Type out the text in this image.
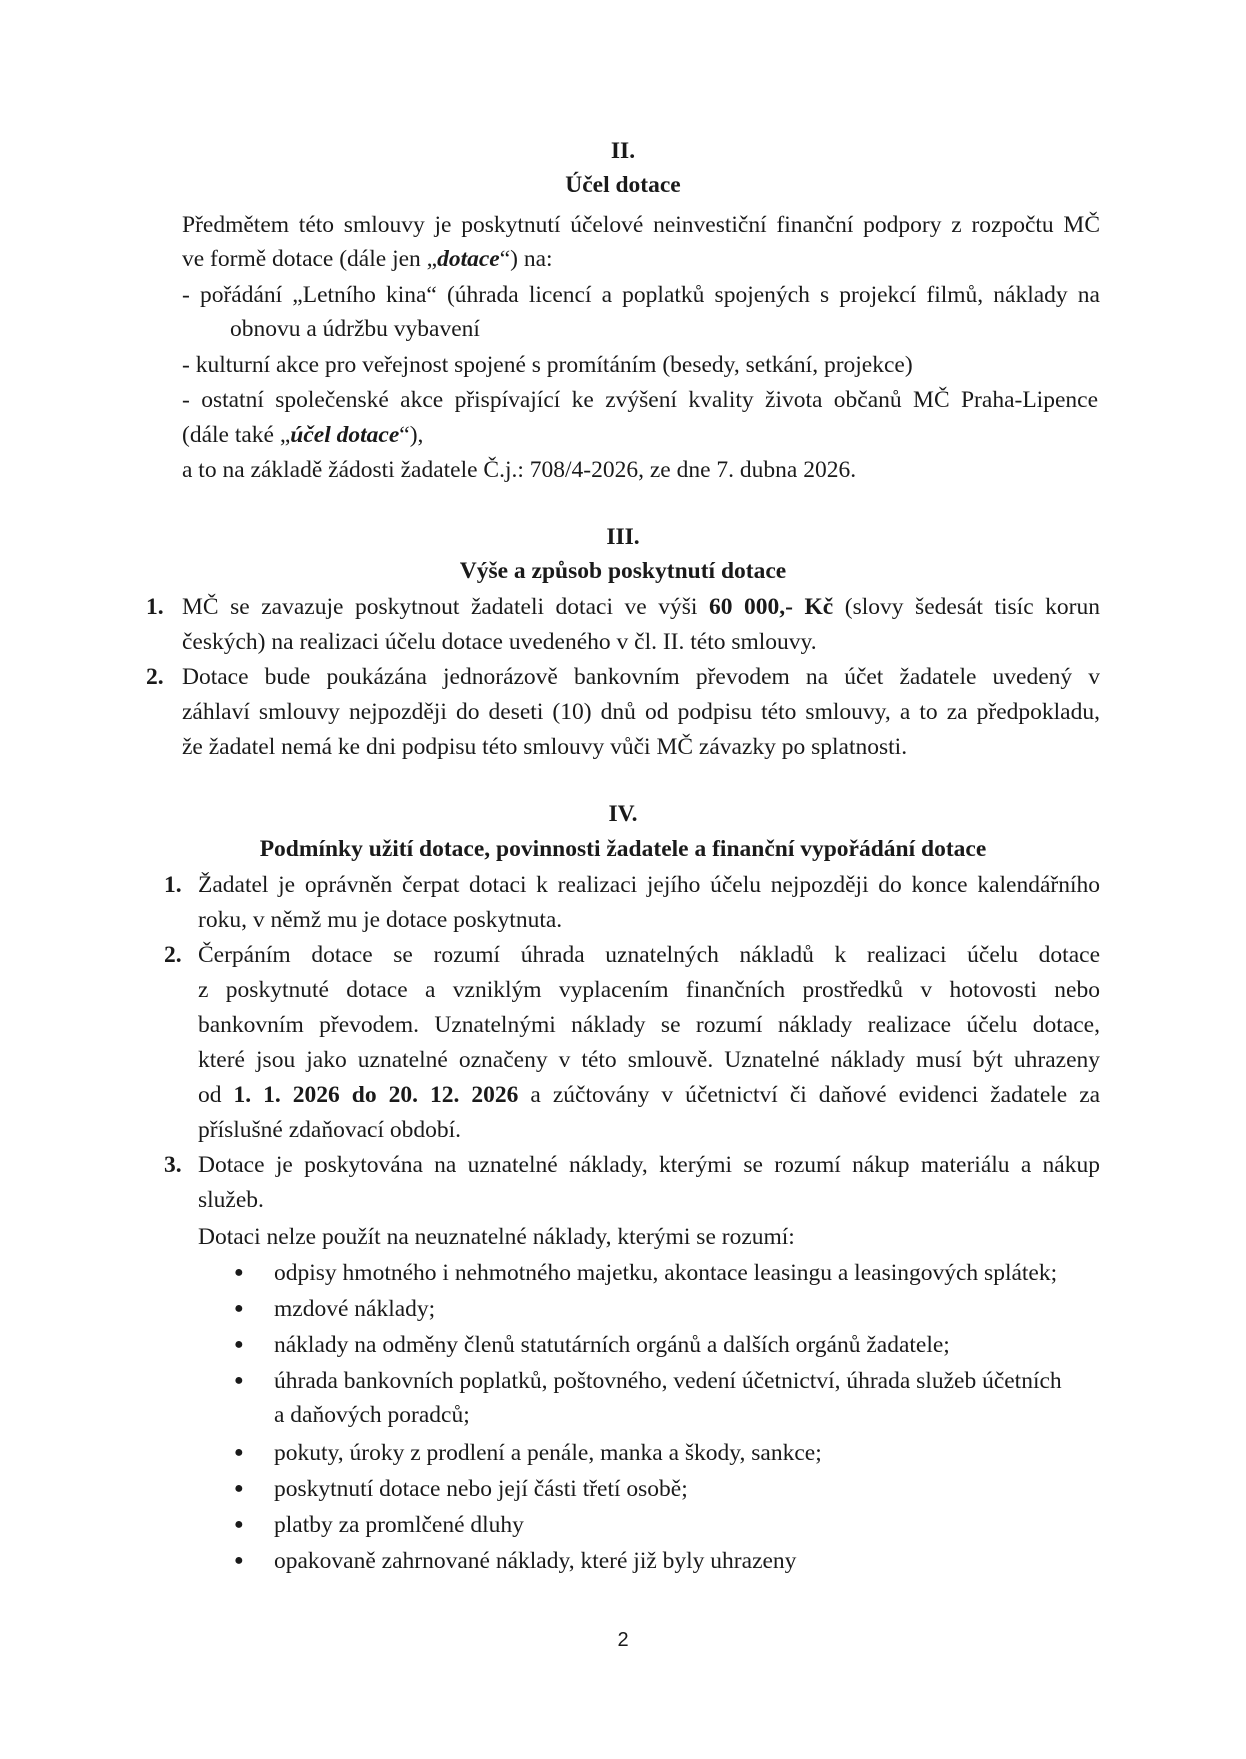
II.
Účel dotace
Předmětem této smlouvy je poskytnutí účelové neinvestiční finanční podpory z rozpočtu MČ
ve formě dotace (dále jen „dotace“) na:
- pořádání „Letního kina“ (úhrada licencí a poplatků spojených s projekcí filmů, náklady na
obnovu a údržbu vybavení
- kulturní akce pro veřejnost spojené s promítáním (besedy, setkání, projekce)
- ostatní společenské akce přispívající ke zvýšení kvality života občanů MČ Praha-Lipence
(dále také „účel dotace“),
a to na základě žádosti žadatele Č.j.: 708/4-2026, ze dne 7. dubna 2026.
III.
Výše a způsob poskytnutí dotace
1. MČ se zavazuje poskytnout žadateli dotaci ve výši 60 000,- Kč (slovy šedesát tisíc korun
českých) na realizaci účelu dotace uvedeného v čl. II. této smlouvy.
2. Dotace bude poukázána jednorázově bankovním převodem na účet žadatele uvedený v
záhlaví smlouvy nejpozději do deseti (10) dnů od podpisu této smlouvy, a to za předpokladu,
že žadatel nemá ke dni podpisu této smlouvy vůči MČ závazky po splatnosti.
IV.
Podmínky užití dotace, povinnosti žadatele a finanční vypořádání dotace
1. Žadatel je oprávněn čerpat dotaci k realizaci jejího účelu nejpozději do konce kalendářního
roku, v němž mu je dotace poskytnuta.
2. Čerpáním dotace se rozumí úhrada uznatelných nákladů k realizaci účelu dotace
z poskytnuté dotace a vzniklým vyplacením finančních prostředků v hotovosti nebo
bankovním převodem. Uznatelnými náklady se rozumí náklady realizace účelu dotace,
které jsou jako uznatelné označeny v této smlouvě. Uznatelné náklady musí být uhrazeny
od 1. 1. 2026 do 20. 12. 2026 a zúčtovány v účetnictví či daňové evidenci žadatele za
příslušné zdaňovací období.
3. Dotace je poskytována na uznatelné náklady, kterými se rozumí nákup materiálu a nákup
služeb.
Dotaci nelze použít na neuznatelné náklady, kterými se rozumí:
● odpisy hmotného i nehmotného majetku, akontace leasingu a leasingových splátek;
● mzdové náklady;
● náklady na odměny členů statutárních orgánů a dalších orgánů žadatele;
● úhrada bankovních poplatků, poštovného, vedení účetnictví, úhrada služeb účetních
a daňových poradců;
● pokuty, úroky z prodlení a penále, manka a škody, sankce;
● poskytnutí dotace nebo její části třetí osobě;
● platby za promlčené dluhy
● opakovaně zahrnované náklady, které již byly uhrazeny
2
